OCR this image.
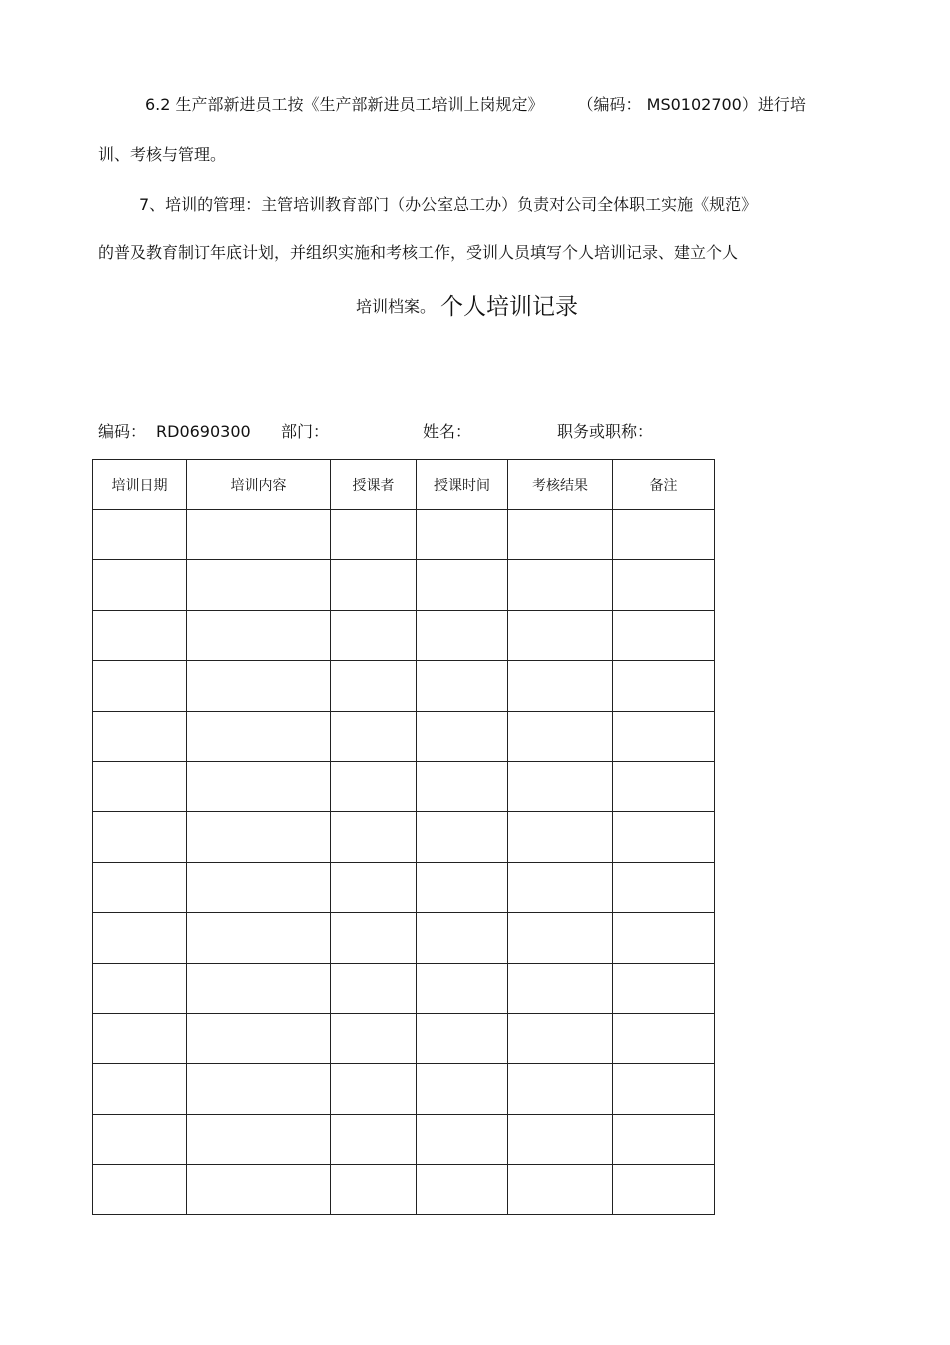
6.2 生产部新进员工按《生产部新进员工培训上岗规定》 （编码： MS0102700）进行培
训、考核与管理。
7、培训的管理：主管培训教育部门（办公室总工办）负责对公司全体职工实施《规范》
的普及教育制订年底计划，并组织实施和考核工作，受训人员填写个人培训记录、建立个人
培训档案。 个人培训记录
编码： RD0690300 部门：	姓名：	职务或职称：
培训日期	培训内容	授课者	授课时间	考核结果	备注
